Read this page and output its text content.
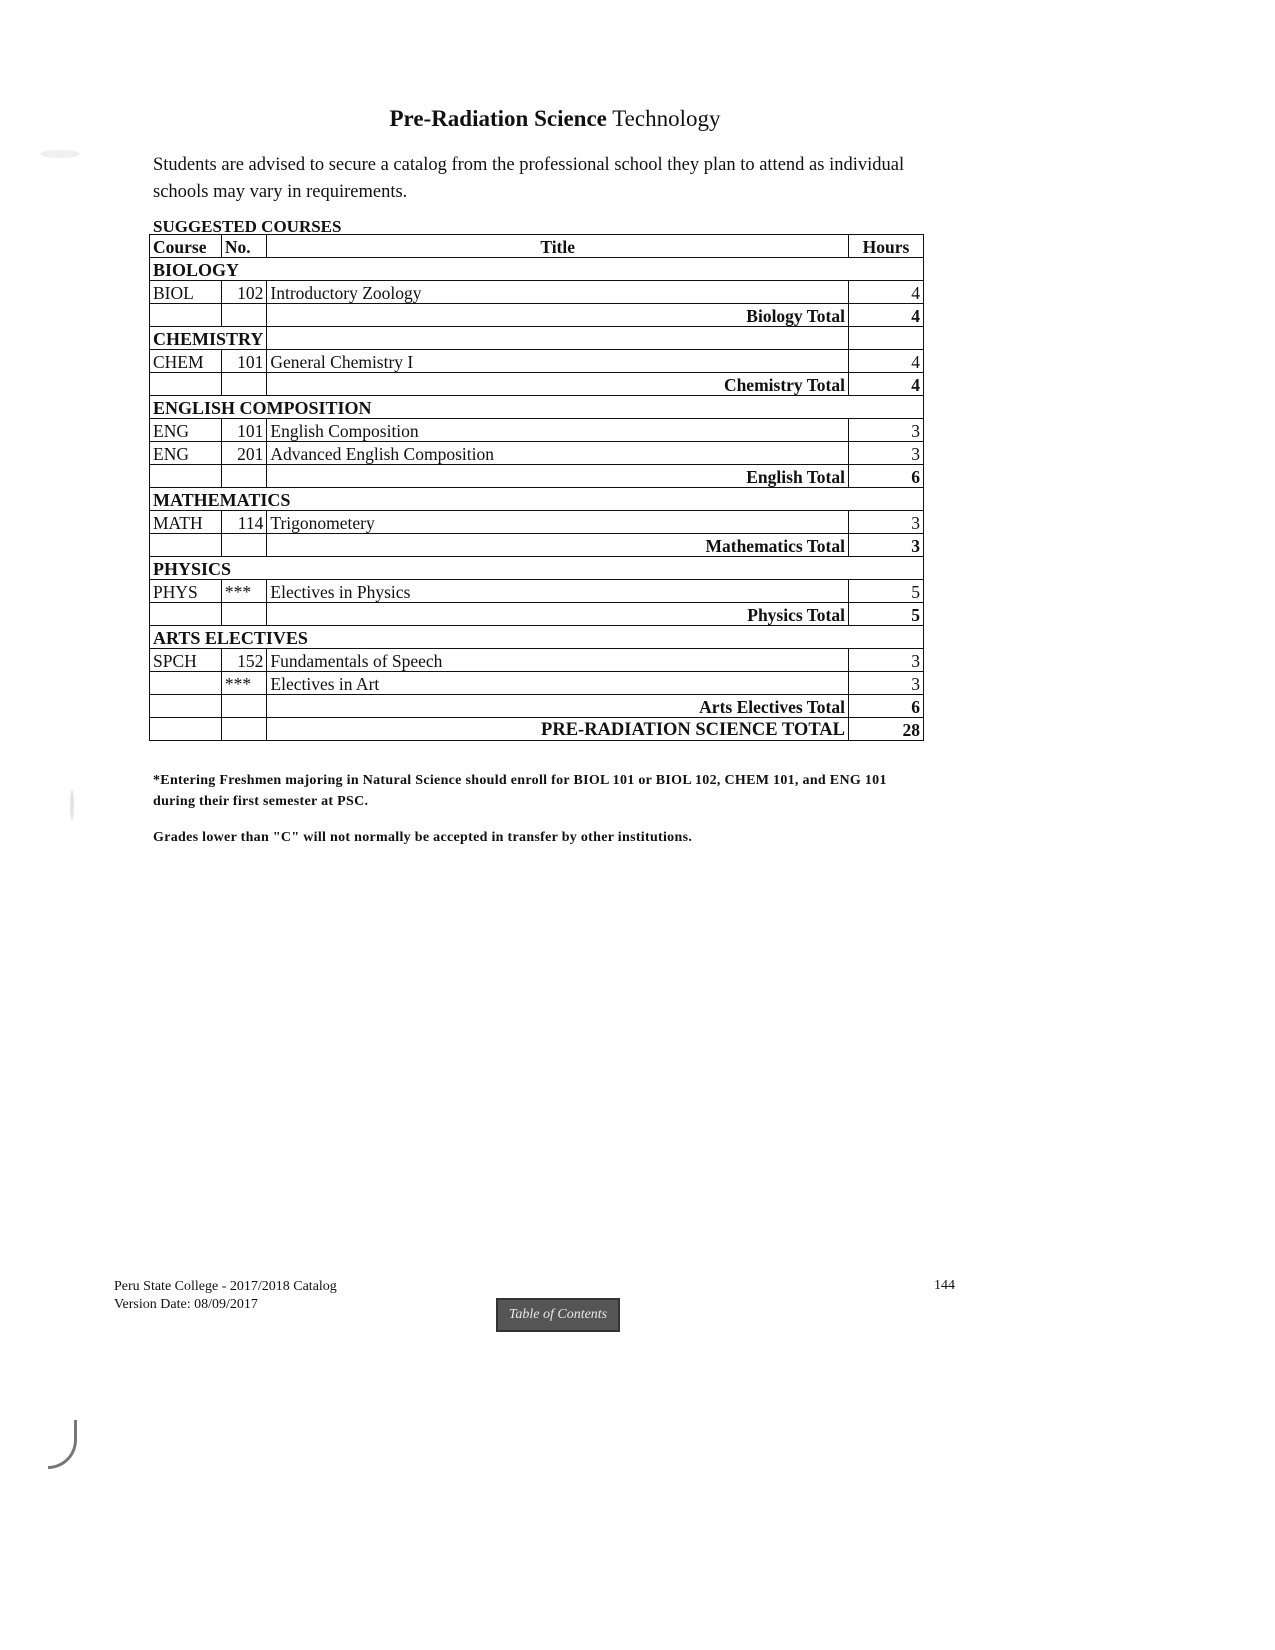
Pre-Radiation Science Technology
Students are advised to secure a catalog from the professional school they plan to attend as individual schools may vary in requirements.
SUGGESTED COURSES
Course	No.	Title	Hours
BIOLOGY			
BIOL	102	Introductory Zoology	4
		Biology Total	4
CHEMISTRY			
CHEM	101	General Chemistry I	4
		Chemistry Total	4
ENGLISH COMPOSITION			
ENG	101	English Composition	3
ENG	201	Advanced English Composition	3
		English Total	6
MATHEMATICS			
MATH	114	Trigonometery	3
		Mathematics Total	3
PHYSICS			
PHYS	***	Electives in Physics	5
		Physics Total	5
ARTS ELECTIVES			
SPCH	152	Fundamentals of Speech	3
	***	Electives in Art	3
		Arts Electives Total	6
		PRE-RADIATION SCIENCE TOTAL	28
*Entering Freshmen majoring in Natural Science should enroll for BIOL 101 or BIOL 102, CHEM 101, and ENG 101 during their first semester at PSC.
Grades lower than "C" will not normally be accepted in transfer by other institutions.
Peru State College - 2017/2018 Catalog
Version Date: 08/09/2017
144
Table of Contents
